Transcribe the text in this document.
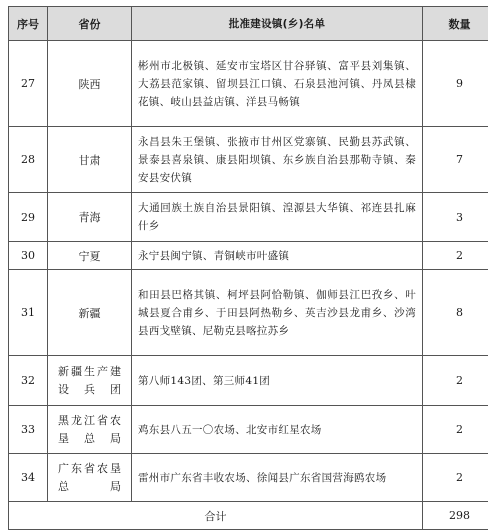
序号	省份	批准建设镇(乡)名单	数量
27	陕西	彬州市北极镇、延安市宝塔区甘谷驿镇、富平县刘集镇、大荔县范家镇、留坝县江口镇、石泉县池河镇、丹凤县棣花镇、岐山县益店镇、洋县马畅镇	9
28	甘肃	永昌县朱王堡镇、张掖市甘州区党寨镇、民勤县苏武镇、景泰县喜泉镇、康县阳坝镇、东乡族自治县那勒寺镇、秦安县安伏镇	7
29	青海	大通回族土族自治县景阳镇、湟源县大华镇、祁连县扎麻什乡	3
30	宁夏	永宁县闽宁镇、青铜峡市叶盛镇	2
31	新疆	和田县巴格其镇、柯坪县阿恰勒镇、伽师县江巴孜乡、叶城县夏合甫乡、于田县阿热勒乡、英吉沙县龙甫乡、沙湾县西戈壁镇、尼勒克县喀拉苏乡	8
32	新疆生产建设兵团	第八师143团、第三师41团	2
33	黑龙江省农垦总局	鸡东县八五一〇农场、北安市红星农场	2
34	广东省农垦总局	雷州市广东省丰收农场、徐闻县广东省国营海鸥农场	2
合计			298
